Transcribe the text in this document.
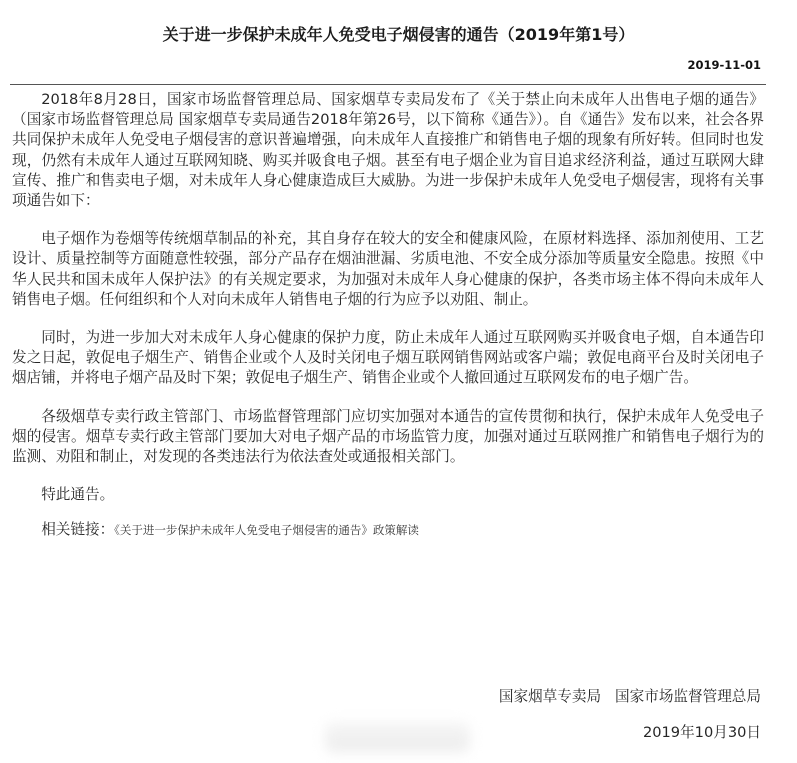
关于进一步保护未成年人免受电子烟侵害的通告（2019年第1号）
2019-11-01

2018年8月28日，国家市场监督管理总局、国家烟草专卖局发布了《关于禁止向未成年人出售电子烟的通告》（国家市场监督管理总局 国家烟草专卖局通告2018年第26号，以下简称《通告》）。自《通告》发布以来，社会各界共同保护未成年人免受电子烟侵害的意识普遍增强，向未成年人直接推广和销售电子烟的现象有所好转。但同时也发现，仍然有未成年人通过互联网知晓、购买并吸食电子烟。甚至有电子烟企业为盲目追求经济利益，通过互联网大肆宣传、推广和售卖电子烟，对未成年人身心健康造成巨大威胁。为进一步保护未成年人免受电子烟侵害，现将有关事项通告如下：

电子烟作为卷烟等传统烟草制品的补充，其自身存在较大的安全和健康风险，在原材料选择、添加剂使用、工艺设计、质量控制等方面随意性较强，部分产品存在烟油泄漏、劣质电池、不安全成分添加等质量安全隐患。按照《中华人民共和国未成年人保护法》的有关规定要求，为加强对未成年人身心健康的保护，各类市场主体不得向未成年人销售电子烟。任何组织和个人对向未成年人销售电子烟的行为应予以劝阻、制止。

同时，为进一步加大对未成年人身心健康的保护力度，防止未成年人通过互联网购买并吸食电子烟，自本通告印发之日起，敦促电子烟生产、销售企业或个人及时关闭电子烟互联网销售网站或客户端；敦促电商平台及时关闭电子烟店铺，并将电子烟产品及时下架；敦促电子烟生产、销售企业或个人撤回通过互联网发布的电子烟广告。

各级烟草专卖行政主管部门、市场监督管理部门应切实加强对本通告的宣传贯彻和执行，保护未成年人免受电子烟的侵害。烟草专卖行政主管部门要加大对电子烟产品的市场监管力度，加强对通过互联网推广和销售电子烟行为的监测、劝阻和制止，对发现的各类违法行为依法查处或通报相关部门。

特此通告。

相关链接：《关于进一步保护未成年人免受电子烟侵害的通告》政策解读

国家烟草专卖局 国家市场监督管理总局
2019年10月30日
